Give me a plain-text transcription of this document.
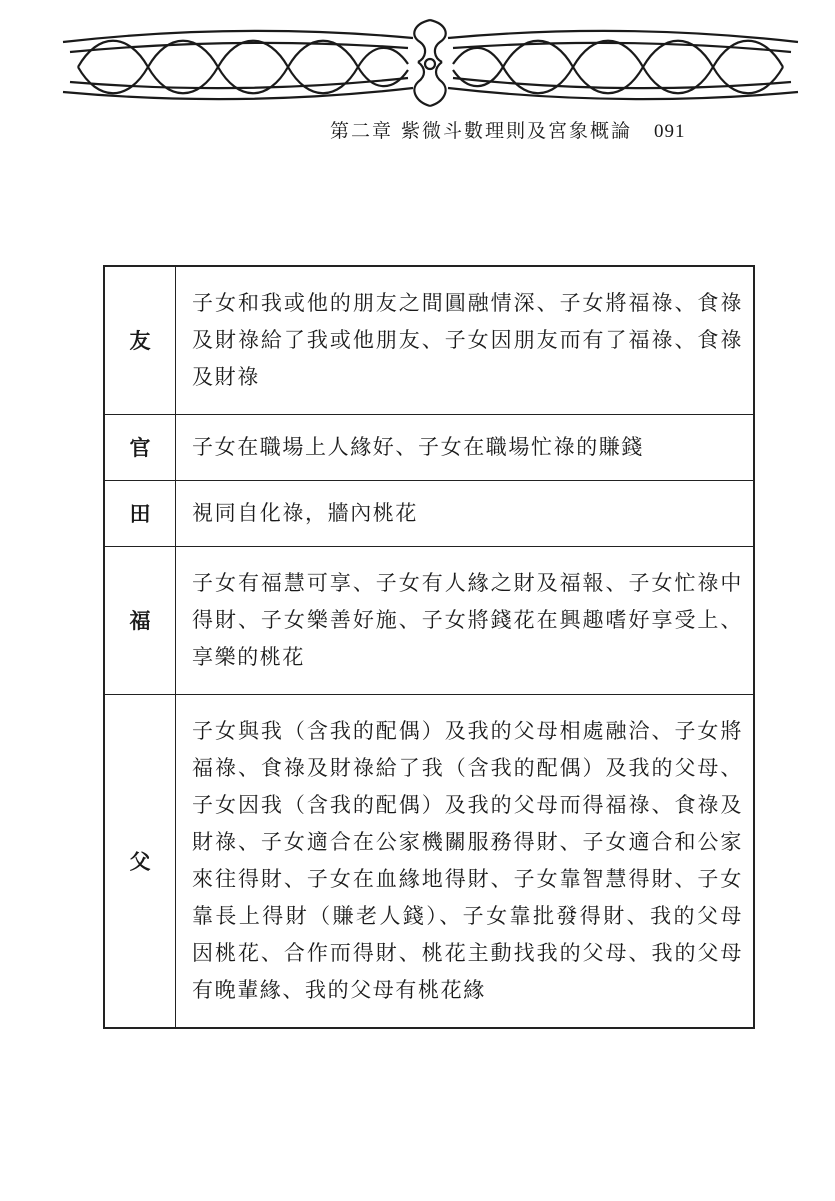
第二章 紫微斗數理則及宮象概論 091
友	子女和我或他的朋友之間圓融情深、子女將福祿、食祿及財祿給了我或他朋友、子女因朋友而有了福祿、食祿及財祿
官	子女在職場上人緣好、子女在職場忙祿的賺錢
田	視同自化祿，牆內桃花
福	子女有福慧可享、子女有人緣之財及福報、子女忙祿中得財、子女樂善好施、子女將錢花在興趣嗜好享受上、享樂的桃花
父	子女與我（含我的配偶）及我的父母相處融洽、子女將福祿、食祿及財祿給了我（含我的配偶）及我的父母、子女因我（含我的配偶）及我的父母而得福祿、食祿及財祿、子女適合在公家機關服務得財、子女適合和公家來往得財、子女在血緣地得財、子女靠智慧得財、子女靠長上得財（賺老人錢）、子女靠批發得財、我的父母因桃花、合作而得財、桃花主動找我的父母、我的父母有晚輩緣、我的父母有桃花緣
